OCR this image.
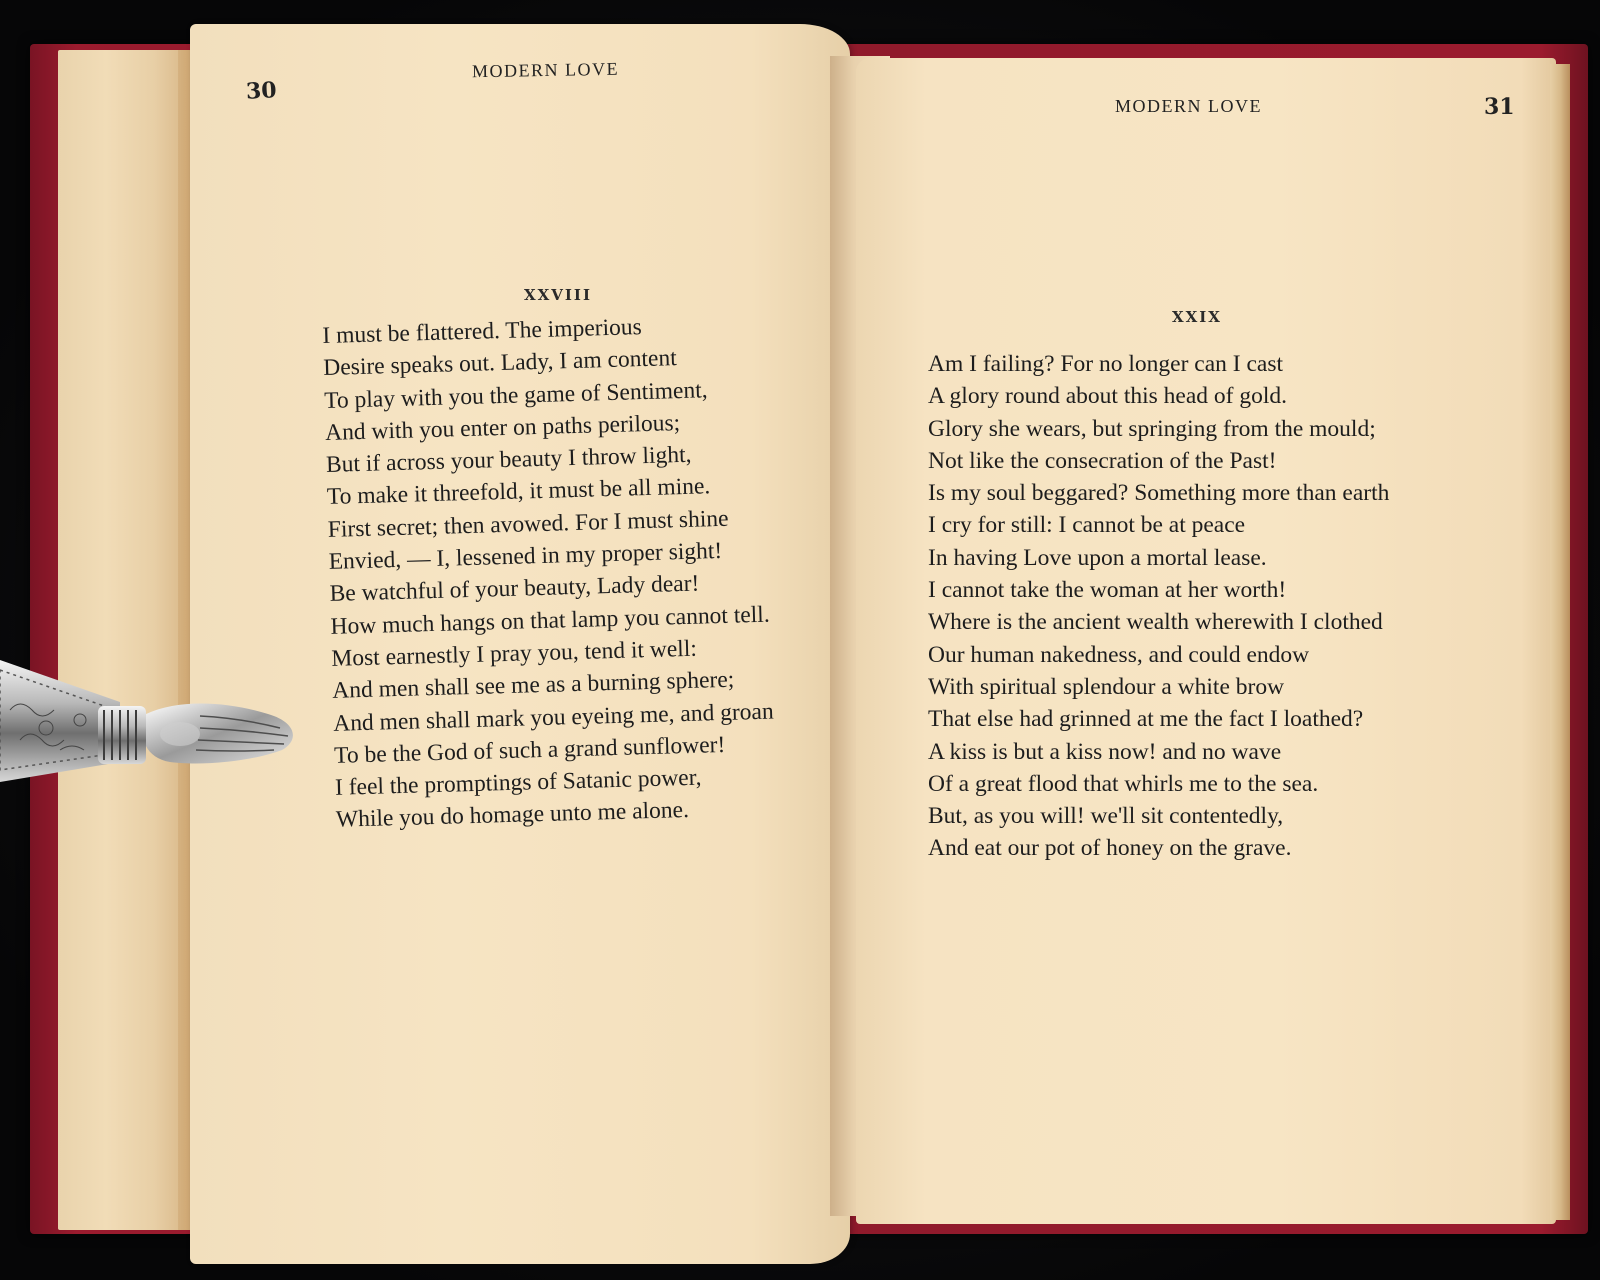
30
MODERN LOVE
XXVIII
I must be flattered. The imperious
Desire speaks out. Lady, I am content
To play with you the game of Sentiment,
And with you enter on paths perilous;
But if across your beauty I throw light,
To make it threefold, it must be all mine.
First secret; then avowed. For I must shine
Envied, — I, lessened in my proper sight!
Be watchful of your beauty, Lady dear!
How much hangs on that lamp you cannot tell.
Most earnestly I pray you, tend it well:
And men shall see me as a burning sphere;
And men shall mark you eyeing me, and groan
To be the God of such a grand sunflower!
I feel the promptings of Satanic power,
While you do homage unto me alone.
MODERN LOVE	31
XXIX
Am I failing? For no longer can I cast
A glory round about this head of gold.
Glory she wears, but springing from the mould;
Not like the consecration of the Past!
Is my soul beggared? Something more than earth
I cry for still: I cannot be at peace
In having Love upon a mortal lease.
I cannot take the woman at her worth!
Where is the ancient wealth wherewith I clothed
Our human nakedness, and could endow
With spiritual splendour a white brow
That else had grinned at me the fact I loathed?
A kiss is but a kiss now! and no wave
Of a great flood that whirls me to the sea.
But, as you will! we'll sit contentedly,
And eat our pot of honey on the grave.
